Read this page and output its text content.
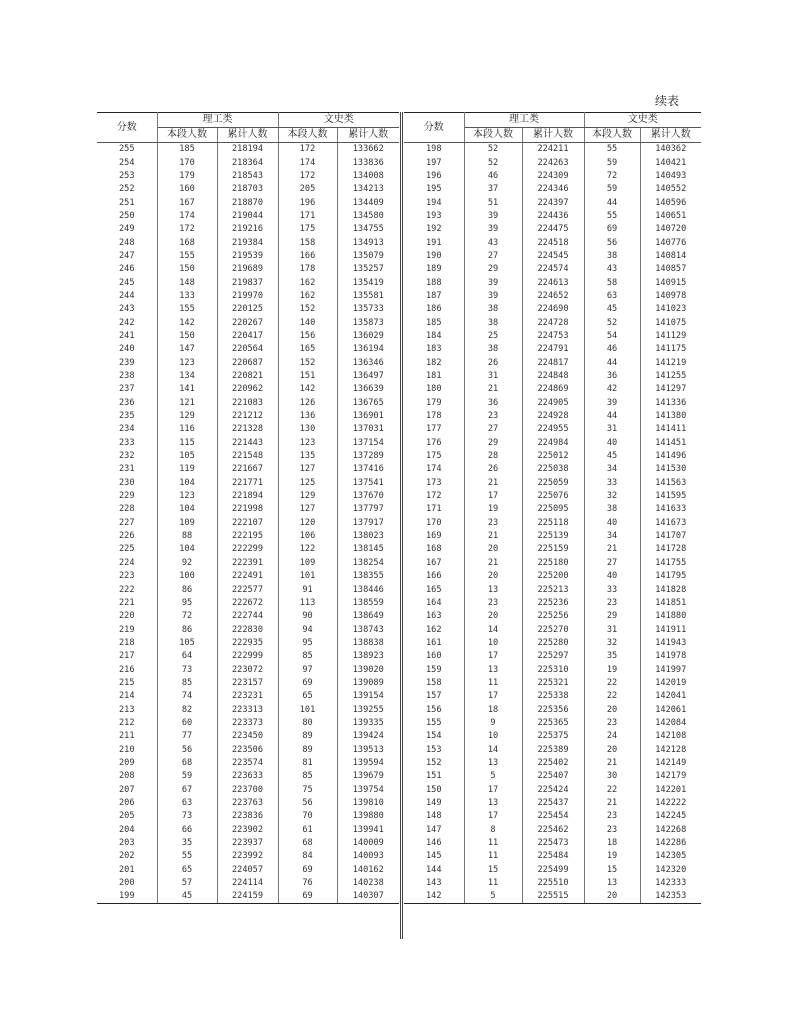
续表
分数	理工类		文史类	
	本段人数	累计人数	本段人数	累计人数
255	185	218194	172	133662
254	170	218364	174	133836
253	179	218543	172	134008
252	160	218703	205	134213
251	167	218870	196	134409
250	174	219044	171	134580
249	172	219216	175	134755
248	168	219384	158	134913
247	155	219539	166	135079
246	150	219689	178	135257
245	148	219837	162	135419
244	133	219970	162	135581
243	155	220125	152	135733
242	142	220267	140	135873
241	150	220417	156	136029
240	147	220564	165	136194
239	123	220687	152	136346
238	134	220821	151	136497
237	141	220962	142	136639
236	121	221083	126	136765
235	129	221212	136	136901
234	116	221328	130	137031
233	115	221443	123	137154
232	105	221548	135	137289
231	119	221667	127	137416
230	104	221771	125	137541
229	123	221894	129	137670
228	104	221998	127	137797
227	109	222107	120	137917
226	88	222195	106	138023
225	104	222299	122	138145
224	92	222391	109	138254
223	100	222491	101	138355
222	86	222577	91	138446
221	95	222672	113	138559
220	72	222744	90	138649
219	86	222830	94	138743
218	105	222935	95	138838
217	64	222999	85	138923
216	73	223072	97	139020
215	85	223157	69	139089
214	74	223231	65	139154
213	82	223313	101	139255
212	60	223373	80	139335
211	77	223450	89	139424
210	56	223506	89	139513
209	68	223574	81	139594
208	59	223633	85	139679
207	67	223700	75	139754
206	63	223763	56	139810
205	73	223836	70	139880
204	66	223902	61	139941
203	35	223937	68	140009
202	55	223992	84	140093
201	65	224057	69	140162
200	57	224114	76	140238
199	45	224159	69	140307
分数	理工类		文史类	
	本段人数	累计人数	本段人数	累计人数
198	52	224211	55	140362
197	52	224263	59	140421
196	46	224309	72	140493
195	37	224346	59	140552
194	51	224397	44	140596
193	39	224436	55	140651
192	39	224475	69	140720
191	43	224518	56	140776
190	27	224545	38	140814
189	29	224574	43	140857
188	39	224613	58	140915
187	39	224652	63	140978
186	38	224690	45	141023
185	38	224728	52	141075
184	25	224753	54	141129
183	38	224791	46	141175
182	26	224817	44	141219
181	31	224848	36	141255
180	21	224869	42	141297
179	36	224905	39	141336
178	23	224928	44	141380
177	27	224955	31	141411
176	29	224984	40	141451
175	28	225012	45	141496
174	26	225038	34	141530
173	21	225059	33	141563
172	17	225076	32	141595
171	19	225095	38	141633
170	23	225118	40	141673
169	21	225139	34	141707
168	20	225159	21	141728
167	21	225180	27	141755
166	20	225200	40	141795
165	13	225213	33	141828
164	23	225236	23	141851
163	20	225256	29	141880
162	14	225270	31	141911
161	10	225280	32	141943
160	17	225297	35	141978
159	13	225310	19	141997
158	11	225321	22	142019
157	17	225338	22	142041
156	18	225356	20	142061
155	9	225365	23	142084
154	10	225375	24	142108
153	14	225389	20	142128
152	13	225402	21	142149
151	5	225407	30	142179
150	17	225424	22	142201
149	13	225437	21	142222
148	17	225454	23	142245
147	8	225462	23	142268
146	11	225473	18	142286
145	11	225484	19	142305
144	15	225499	15	142320
143	11	225510	13	142333
142	5	225515	20	142353
